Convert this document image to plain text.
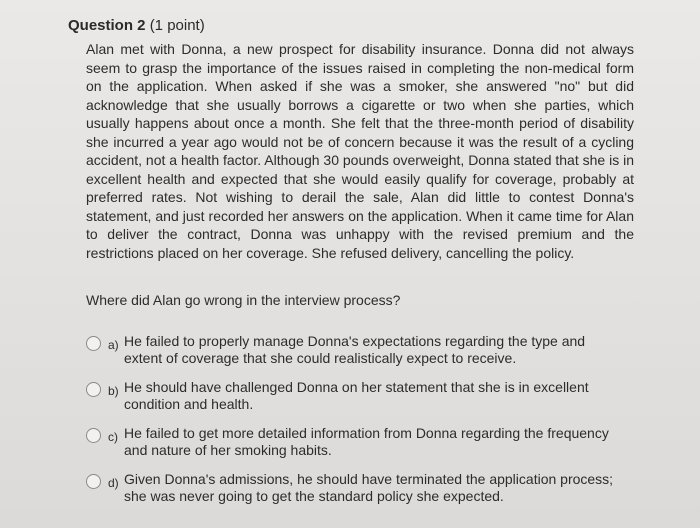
Question 2 (1 point)
Alan met with Donna, a new prospect for disability insurance. Donna did not always seem to grasp the importance of the issues raised in completing the non-medical form on the application. When asked if she was a smoker, she answered "no" but did acknowledge that she usually borrows a cigarette or two when she parties, which usually happens about once a month. She felt that the three-month period of disability she incurred a year ago would not be of concern because it was the result of a cycling accident, not a health factor. Although 30 pounds overweight, Donna stated that she is in excellent health and expected that she would easily qualify for coverage, probably at preferred rates. Not wishing to derail the sale, Alan did little to contest Donna's statement, and just recorded her answers on the application. When it came time for Alan to deliver the contract, Donna was unhappy with the revised premium and the restrictions placed on her coverage. She refused delivery, cancelling the policy.
Where did Alan go wrong in the interview process?
a) He failed to properly manage Donna's expectations regarding the type and extent of coverage that she could realistically expect to receive.
b) He should have challenged Donna on her statement that she is in excellent condition and health.
c) He failed to get more detailed information from Donna regarding the frequency and nature of her smoking habits.
d) Given Donna's admissions, he should have terminated the application process; she was never going to get the standard policy she expected.
